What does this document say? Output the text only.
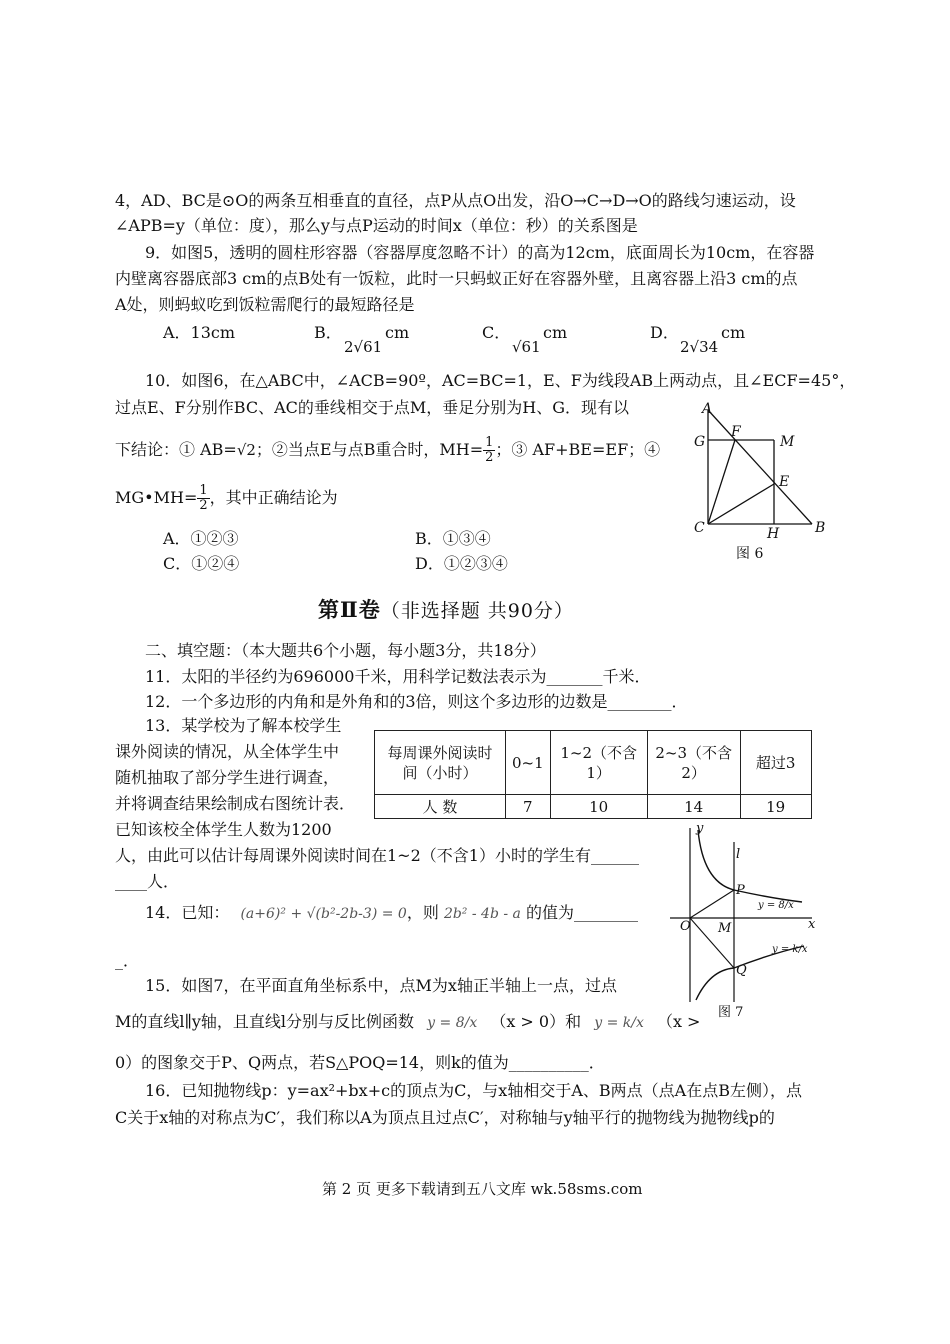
4，AD、BC是⊙O的两条互相垂直的直径，点P从点O出发，沿O→C→D→O的路线匀速运动，设
∠APB=y（单位：度），那么y与点P运动的时间x（单位：秒）的关系图是
9．如图5，透明的圆柱形容器（容器厚度忽略不计）的高为12cm，底面周长为10cm，在容器
内壁离容器底部3 cm的点B处有一饭粒，此时一只蚂蚁正好在容器外壁，且离容器上沿3 cm的点
A处，则蚂蚁吃到饭粒需爬行的最短路径是
A．13cm	B．
2√61
cm	C．
√61
cm	D．
2√34
cm
10．如图6，在△ABC中，∠ACB=90º，AC=BC=1，E、F为线段AB上两动点，且∠ECF=45°，
过点E、F分别作BC、AC的垂线相交于点M，垂足分别为H、G．现有以
下结论：① AB=√2；②当点E与点B重合时，$MH= \frac{1}{2}$ ；③ AF+BE=EF；④
MG•MH= $\frac{1}{2}$ ，其中正确结论为
A．①②③	B．①③④
C．①②④	D．①②③④
A
G
F
M
E
C	H	B
图 6
第Ⅱ卷（非选择题 共90分）
二、填空题：（本大题共6个小题，每小题3分，共18分）
11．太阳的半径约为696000千米，用科学记数法表示为_______千米．
12．一个多边形的内角和是外角和的3倍，则这个多边形的边数是________．
13．某学校为了解本校学生
课外阅读的情况，从全体学生中
随机抽取了部分学生进行调查，
并将调查结果绘制成右图统计表．
已知该校全体学生人数为1200
人，由此可以估计每周课外阅读时间在1~2（不含1）小时的学生有______
____人．
每周课外阅读时间（小时）	0~1	1~2（不含1）	2~3（不含2）	超过3
人 数	7	10	14	19
14．已知： (a+6)² + √(b²-2b-3) = 0，则 2b² - 4b - a 的值为________
_．
15．如图7，在平面直角坐标系中，点M为x轴正半轴上一点，过点
M的直线l∥y轴，且直线l分别与反比例函数 y = 8/x （x > 0）和 y = k/x （x >
0）的图象交于P、Q两点，若S△POQ=14，则k的值为__________．
y
x
l
P
O M
Q
y = 8/x
y = k/x
图 7
16．已知抛物线p：y=ax²+bx+c的顶点为C，与x轴相交于A、B两点（点A在点B左侧），点
C关于x轴的对称点为C′，我们称以A为顶点且过点C′，对称轴与y轴平行的抛物线为抛物线p的
第 2 页 更多下载请到五八文库 wk.58sms.com
